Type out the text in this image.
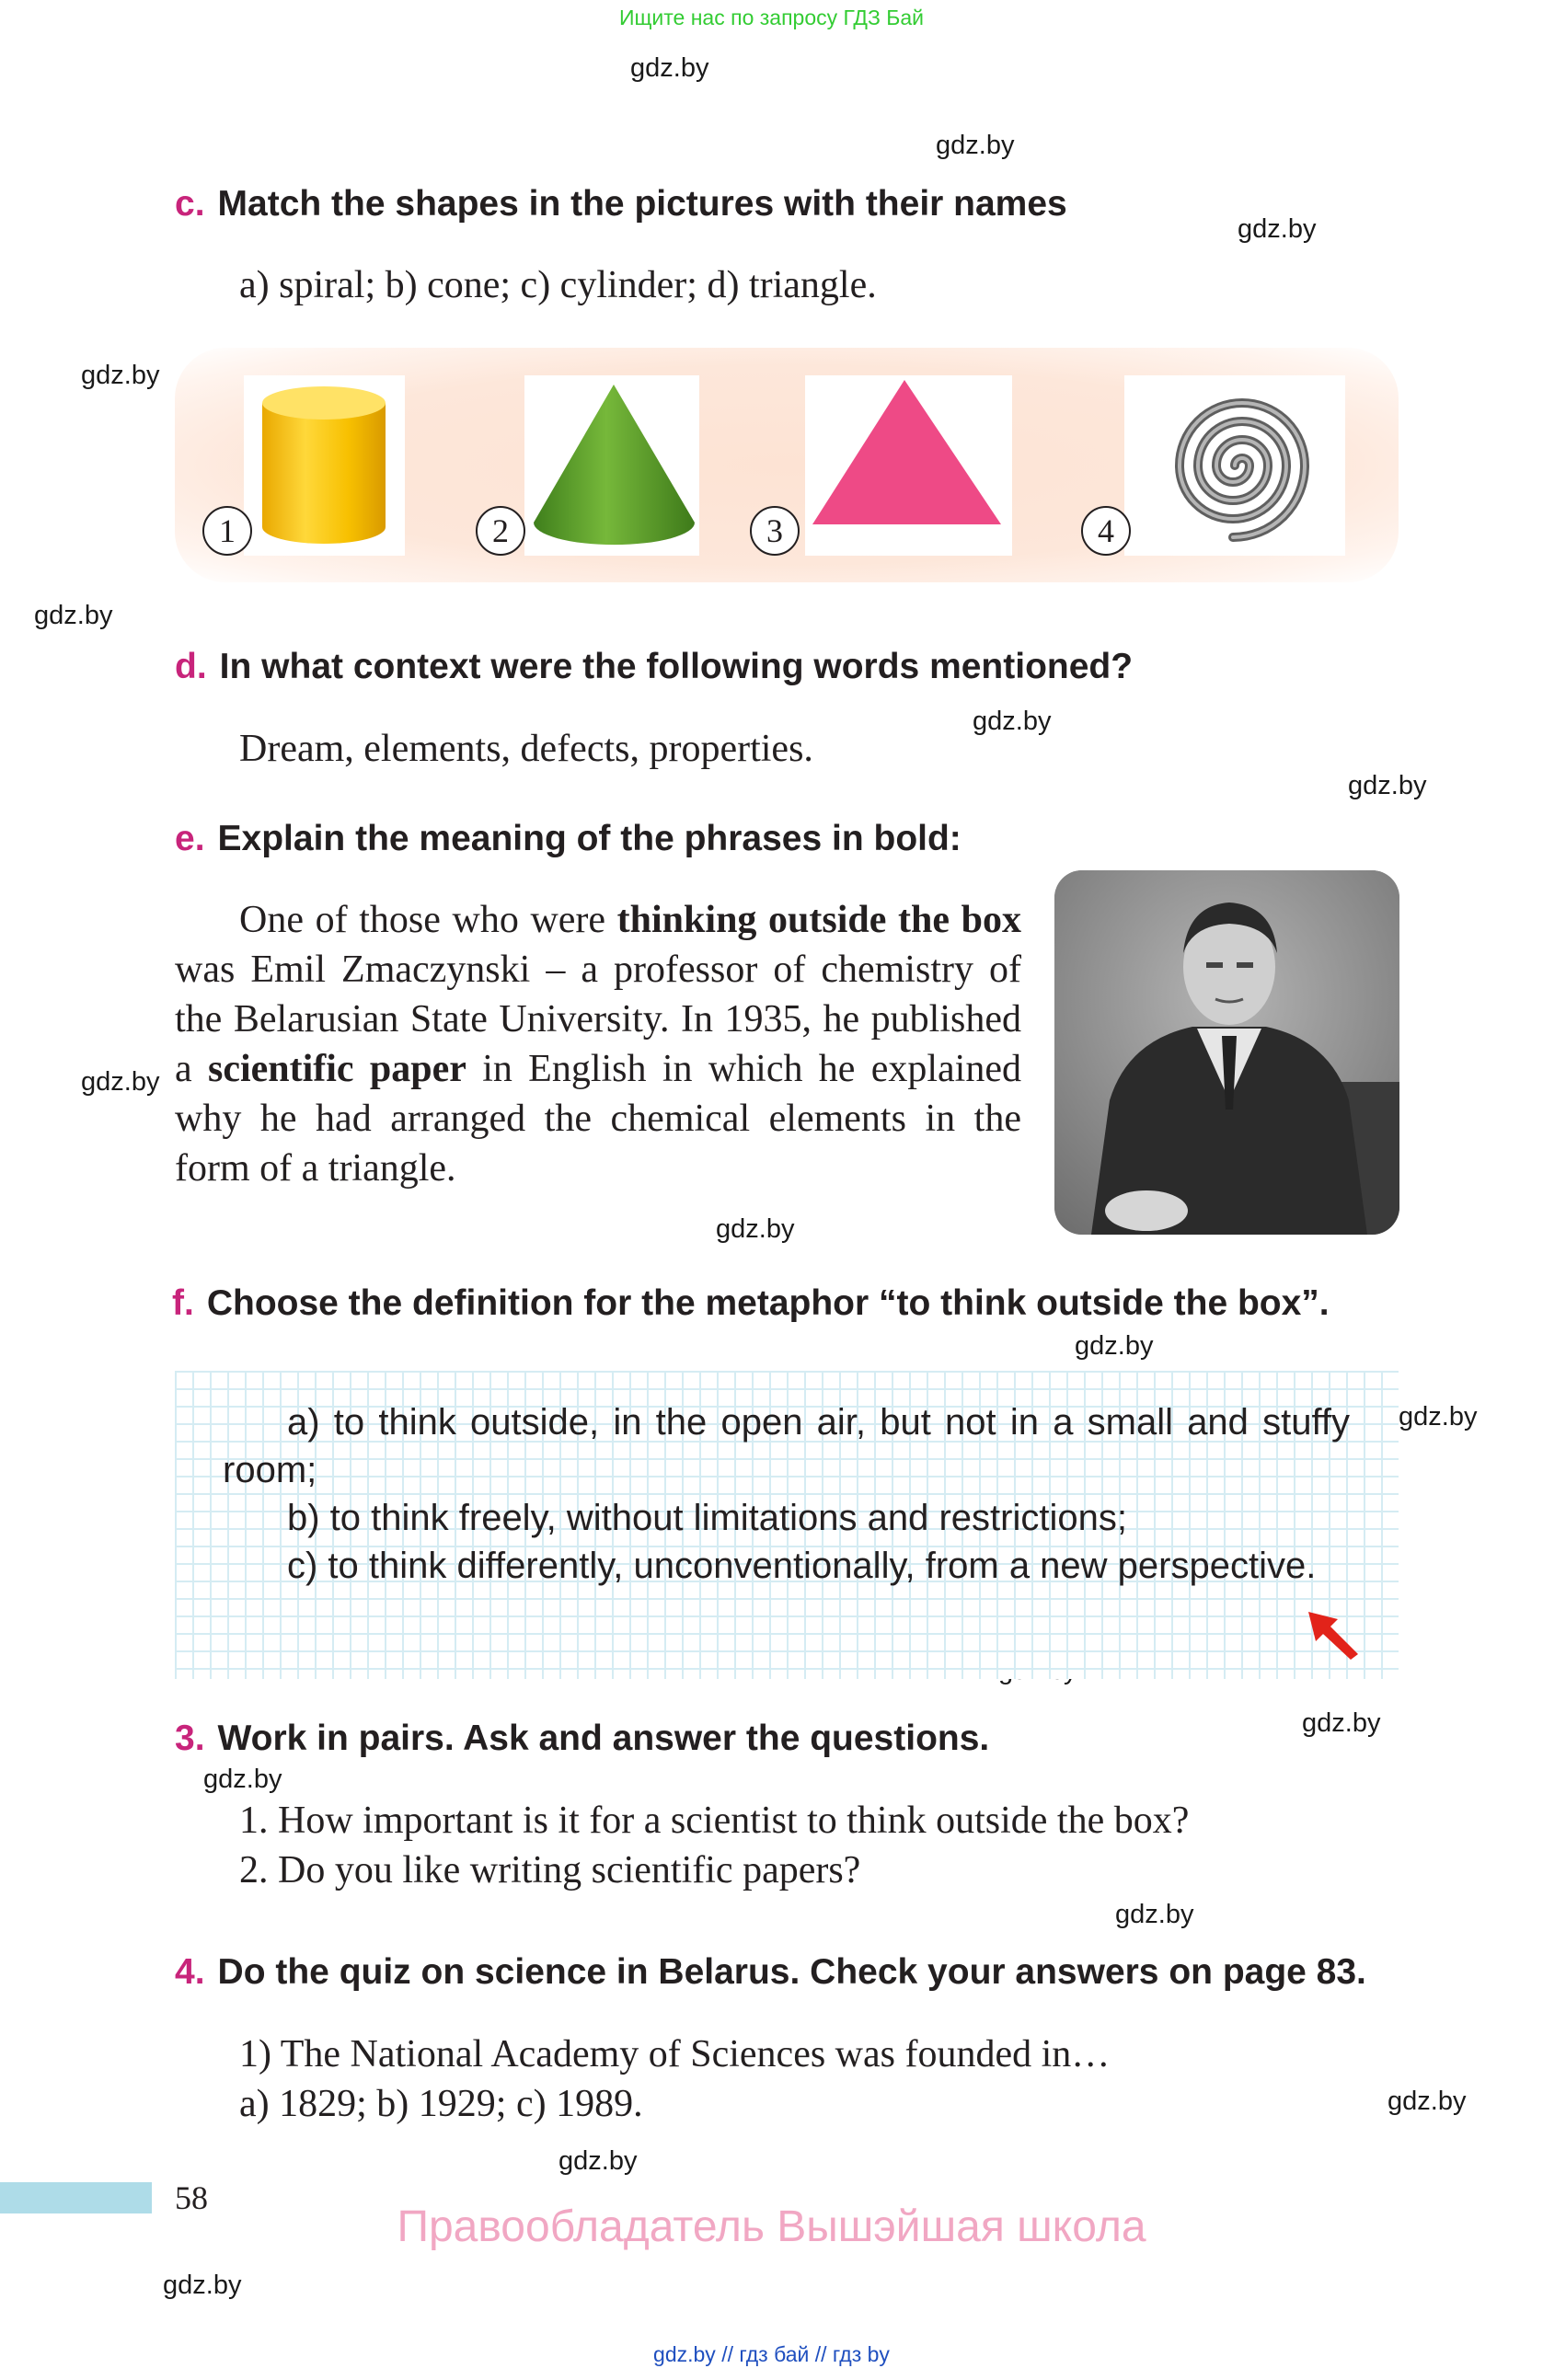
Ищите нас по запросу ГДЗ Бай
gdz.by
gdz.by
gdz.by
gdz.by
gdz.by
gdz.by
gdz.by
gdz.by
gdz.by
gdz.by
gdz.by
gdz.by
gdz.by
gdz.by
gdz.by
gdz.by
gdz.by
c. Match the shapes in the pictures with their names
a) spiral; b) cone; c) cylinder; d) triangle.
1	2	3	4
d. In what context were the following words mentioned?
Dream, elements, defects, properties.
e. Explain the meaning of the phrases in bold:
One of those who were thinking outside the box was Emil Zmaczynski – a professor of chemistry of the Belarusian State University. In 1935, he published a scientific paper in English in which he explained why he had arranged the chemical elements in the form of a triangle.
f. Choose the definition for the metaphor “to think outside the box”.

a) to think outside, in the open air, but not in a small and stuffy room;

b) to think freely, without limitations and restrictions;

c) to think differently, unconventionally, from a new perspective.

3. Work in pairs. Ask and answer the questions.
1. How important is it for a scientist to think outside the box?
2. Do you like writing scientific papers?
4. Do the quiz on science in Belarus. Check your answers on page 83.
1) The National Academy of Sciences was founded in…
a) 1829; b) 1929; c) 1989.
58
Правообладатель Вышэйшая школа
gdz.by // гдз бай // гдз by
